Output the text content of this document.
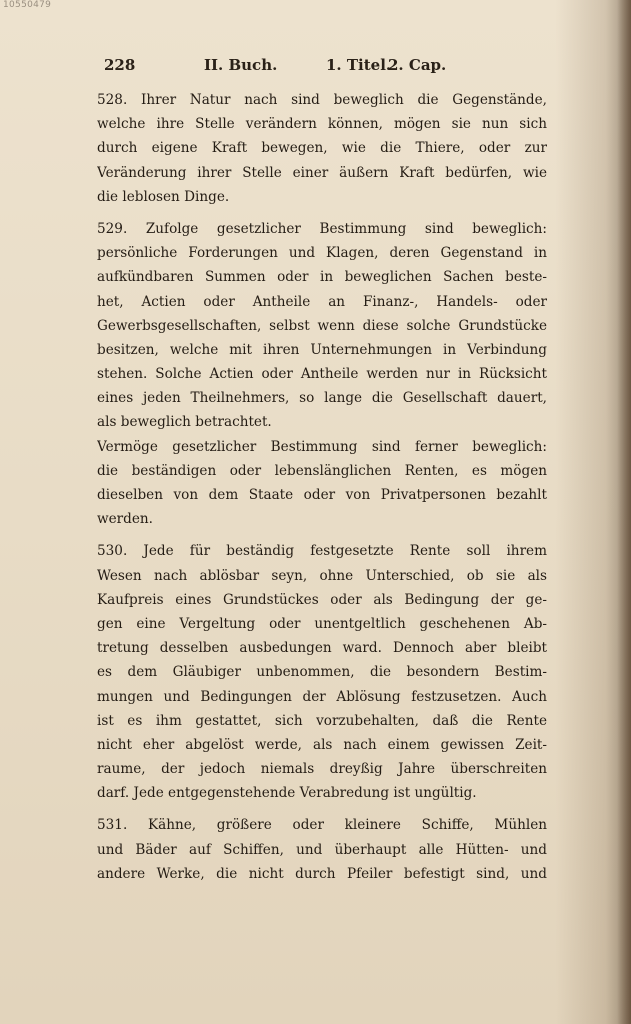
10550479
228	II. Buch.	1. Titel.
2. Cap.
528. Ihrer Natur nach sind beweglich die Gegenstände,
welche ihre Stelle verändern können, mögen sie nun sich
durch eigene Kraft bewegen, wie die Thiere, oder zur
Veränderung ihrer Stelle einer äußern Kraft bedürfen, wie
die leblosen Dinge.
529. Zufolge gesetzlicher Bestimmung sind beweglich:
persönliche Forderungen und Klagen, deren Gegenstand in
aufkündbaren Summen oder in beweglichen Sachen beste-
het, Actien oder Antheile an Finanz-, Handels- oder
Gewerbsgesellschaften, selbst wenn diese solche Grundstücke
besitzen, welche mit ihren Unternehmungen in Verbindung
stehen. Solche Actien oder Antheile werden nur in Rücksicht
eines jeden Theilnehmers, so lange die Gesellschaft dauert,
als beweglich betrachtet.
Vermöge gesetzlicher Bestimmung sind ferner beweglich:
die beständigen oder lebenslänglichen Renten, es mögen
dieselben von dem Staate oder von Privatpersonen bezahlt
werden.
530. Jede für beständig festgesetzte Rente soll ihrem
Wesen nach ablösbar seyn, ohne Unterschied, ob sie als
Kaufpreis eines Grundstückes oder als Bedingung der ge-
gen eine Vergeltung oder unentgeltlich geschehenen Ab-
tretung desselben ausbedungen ward. Dennoch aber bleibt
es dem Gläubiger unbenommen, die besondern Bestim-
mungen und Bedingungen der Ablösung festzusetzen. Auch
ist es ihm gestattet, sich vorzubehalten, daß die Rente
nicht eher abgelöst werde, als nach einem gewissen Zeit-
raume, der jedoch niemals dreyßig Jahre überschreiten
darf. Jede entgegenstehende Verabredung ist ungültig.
531. Kähne, größere oder kleinere Schiffe, Mühlen
und Bäder auf Schiffen, und überhaupt alle Hütten- und
andere Werke, die nicht durch Pfeiler befestigt sind, und
